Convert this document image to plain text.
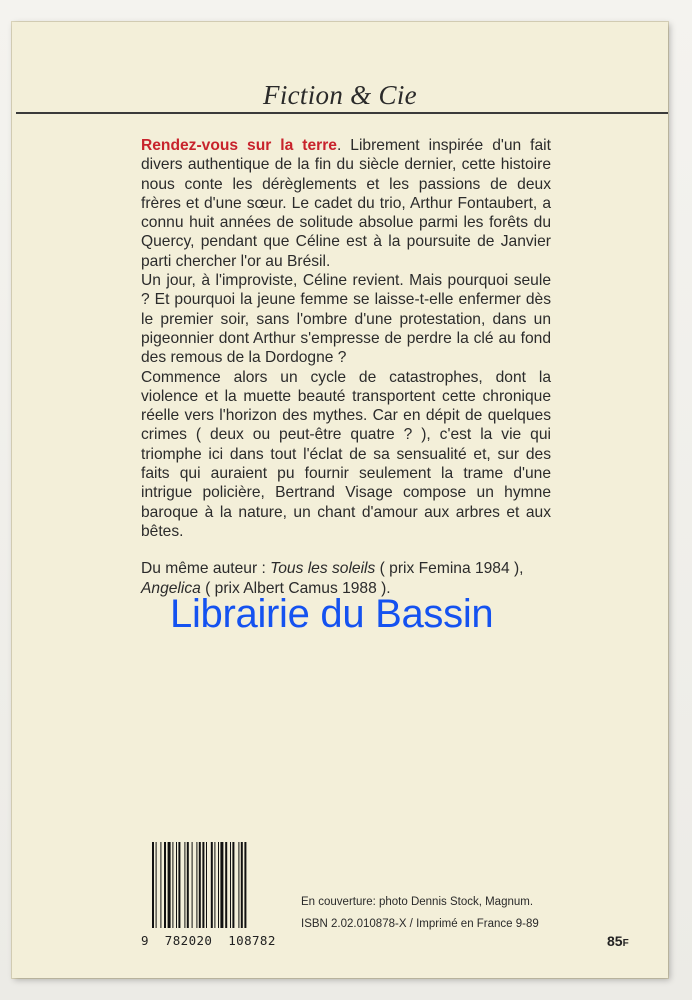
Fiction & Cie

Rendez-vous sur la terre. Librement inspirée d'un fait divers authentique de la fin du siècle dernier, cette histoire nous conte les dérèglements et les passions de deux frères et d'une sœur. Le cadet du trio, Arthur Fontaubert, a connu huit années de solitude absolue parmi les forêts du Quercy, pendant que Céline est à la poursuite de Janvier parti chercher l'or au Brésil.

Un jour, à l'improviste, Céline revient. Mais pourquoi seule ? Et pourquoi la jeune femme se laisse-t-elle enfermer dès le premier soir, sans l'ombre d'une protestation, dans un pigeonnier dont Arthur s'empresse de perdre la clé au fond des remous de la Dordogne ?

Commence alors un cycle de catastrophes, dont la violence et la muette beauté transportent cette chronique réelle vers l'horizon des mythes. Car en dépit de quelques crimes ( deux ou peut-être quatre ? ), c'est la vie qui triomphe ici dans tout l'éclat de sa sensualité et, sur des faits qui auraient pu fournir seulement la trame d'une intrigue policière, Bertrand Visage compose un hymne baroque à la nature, un chant d'amour aux arbres et aux bêtes.

Du même auteur : Tous les soleils ( prix Femina 1984 ),
Angelica ( prix Albert Camus 1988 ).

9 782020 108782
En couverture: photo Dennis Stock, Magnum.
ISBN 2.02.010878-X / Imprimé en France 9-89
85F
Librairie du Bassin
